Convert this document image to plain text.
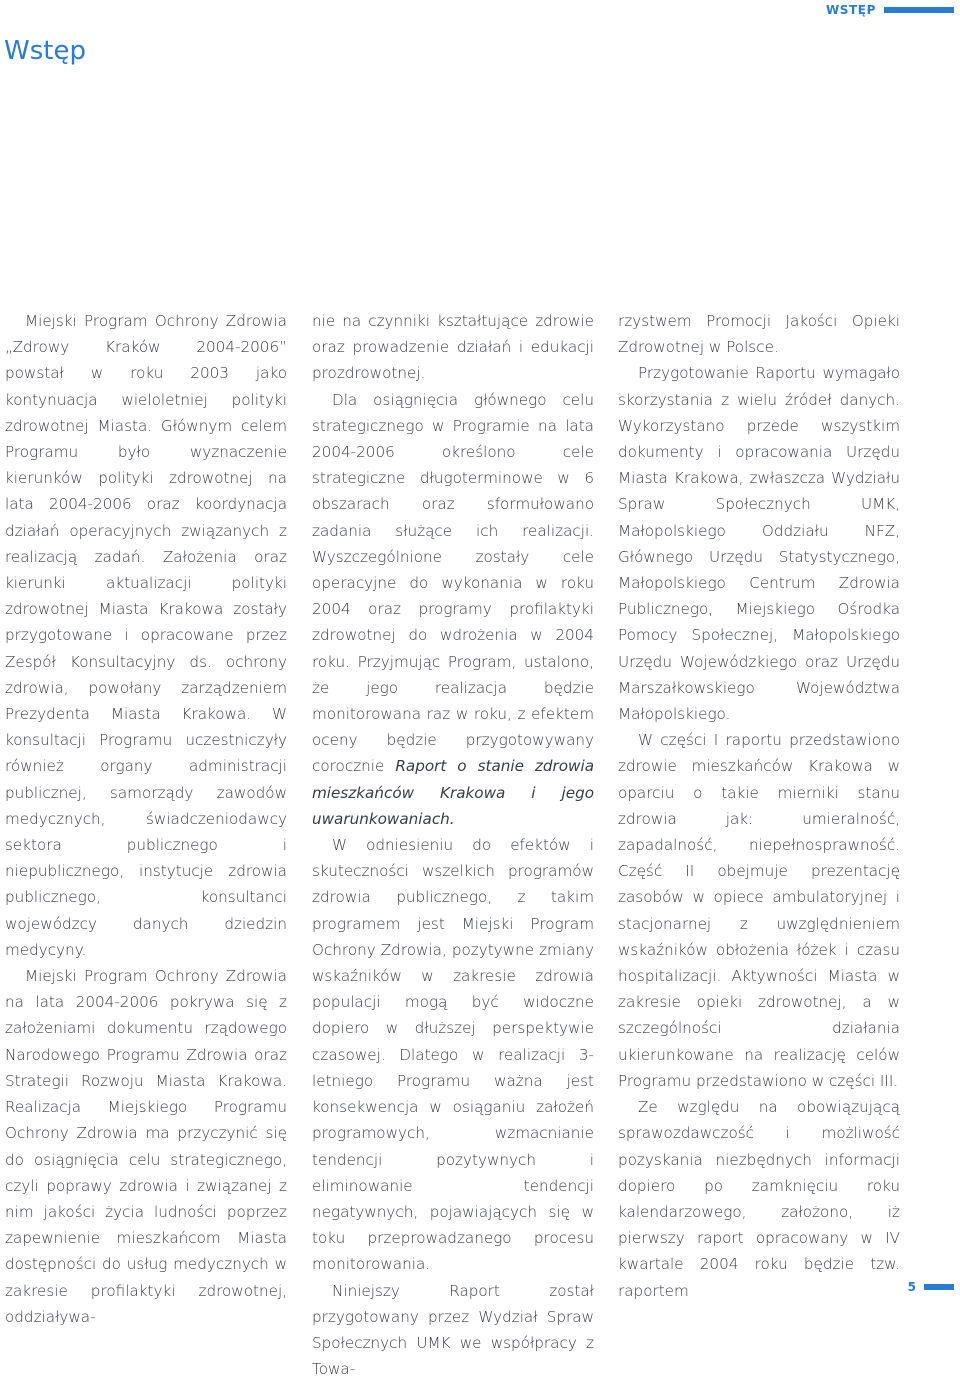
WSTĘP
Wstęp

Miejski Program Ochrony Zdrowia „Zdrowy Kraków 2004-2006” powstał w roku 2003 jako kontynuacja wieloletniej polityki zdrowotnej Miasta. Głównym celem Programu było wyznaczenie kierunków polityki zdrowotnej na lata 2004-2006 oraz koordynacja działań operacyjnych związanych z realizacją zadań. Założenia oraz kierunki aktualizacji polityki zdrowotnej Miasta Krakowa zostały przygotowane i opracowane przez Zespół Konsultacyjny ds. ochrony zdrowia, powołany zarządzeniem Prezydenta Miasta Krakowa. W konsultacji Programu uczestniczyły również organy administracji publicznej, samorządy zawodów medycznych, świadczeniodawcy sektora publicznego i niepublicznego, instytucje zdrowia publicznego, konsultanci wojewódzcy danych dziedzin medycyny.

Miejski Program Ochrony Zdrowia na lata 2004-2006 pokrywa się z założeniami dokumentu rządowego Narodowego Programu Zdrowia oraz Strategii Rozwoju Miasta Krakowa. Realizacja Miejskiego Programu Ochrony Zdrowia ma przyczynić się do osiągnięcia celu strategicznego, czyli poprawy zdrowia i związanej z nim jakości życia ludności poprzez zapewnienie mieszkańcom Miasta dostępności do usług medycznych w zakresie profilaktyki zdrowotnej, oddziaływa-

nie na czynniki kształtujące zdrowie oraz prowadzenie działań i edukacji prozdrowotnej.

Dla osiągnięcia głównego celu strategicznego w Programie na lata 2004-2006 określono cele strategiczne długoterminowe w 6 obszarach oraz sformułowano zadania służące ich realizacji. Wyszczególnione zostały cele operacyjne do wykonania w roku 2004 oraz programy profilaktyki zdrowotnej do wdrożenia w 2004 roku. Przyjmując Program, ustalono, że jego realizacja będzie monitorowana raz w roku, z efektem oceny będzie przygotowywany corocznie Raport o stanie zdrowia mieszkańców Krakowa i jego uwarunkowaniach.

W odniesieniu do efektów i skuteczności wszelkich programów zdrowia publicznego, z takim programem jest Miejski Program Ochrony Zdrowia, pozytywne zmiany wskaźników w zakresie zdrowia populacji mogą być widoczne dopiero w dłuższej perspektywie czasowej. Dlatego w realizacji 3-letniego Programu ważna jest konsekwencja w osiąganiu założeń programowych, wzmacnianie tendencji pozytywnych i eliminowanie tendencji negatywnych, pojawiających się w toku przeprowadzanego procesu monitorowania.

Niniejszy Raport został przygotowany przez Wydział Spraw Społecznych UMK we współpracy z Towa-

rzystwem Promocji Jakości Opieki Zdrowotnej w Polsce.

Przygotowanie Raportu wymagało skorzystania z wielu źródeł danych. Wykorzystano przede wszystkim dokumenty i opracowania Urzędu Miasta Krakowa, zwłaszcza Wydziału Spraw Społecznych UMK, Małopolskiego Oddziału NFZ, Głównego Urzędu Statystycznego, Małopolskiego Centrum Zdrowia Publicznego, Miejskiego Ośrodka Pomocy Społecznej, Małopolskiego Urzędu Wojewódzkiego oraz Urzędu Marszałkowskiego Województwa Małopolskiego.

W części I raportu przedstawiono zdrowie mieszkańców Krakowa w oparciu o takie mierniki stanu zdrowia jak: umieralność, zapadalność, niepełnosprawność. Część II obejmuje prezentację zasobów w opiece ambulatoryjnej i stacjonarnej z uwzględnieniem wskaźników obłożenia łóżek i czasu hospitalizacji. Aktywności Miasta w zakresie opieki zdrowotnej, a w szczególności działania ukierunkowane na realizację celów Programu przedstawiono w części III.

Ze względu na obowiązującą sprawozdawczość i możliwość pozyskania niezbędnych informacji dopiero po zamknięciu roku kalendarzowego, założono, iż pierwszy raport opracowany w IV kwartale 2004 roku będzie tzw. raportem	5
